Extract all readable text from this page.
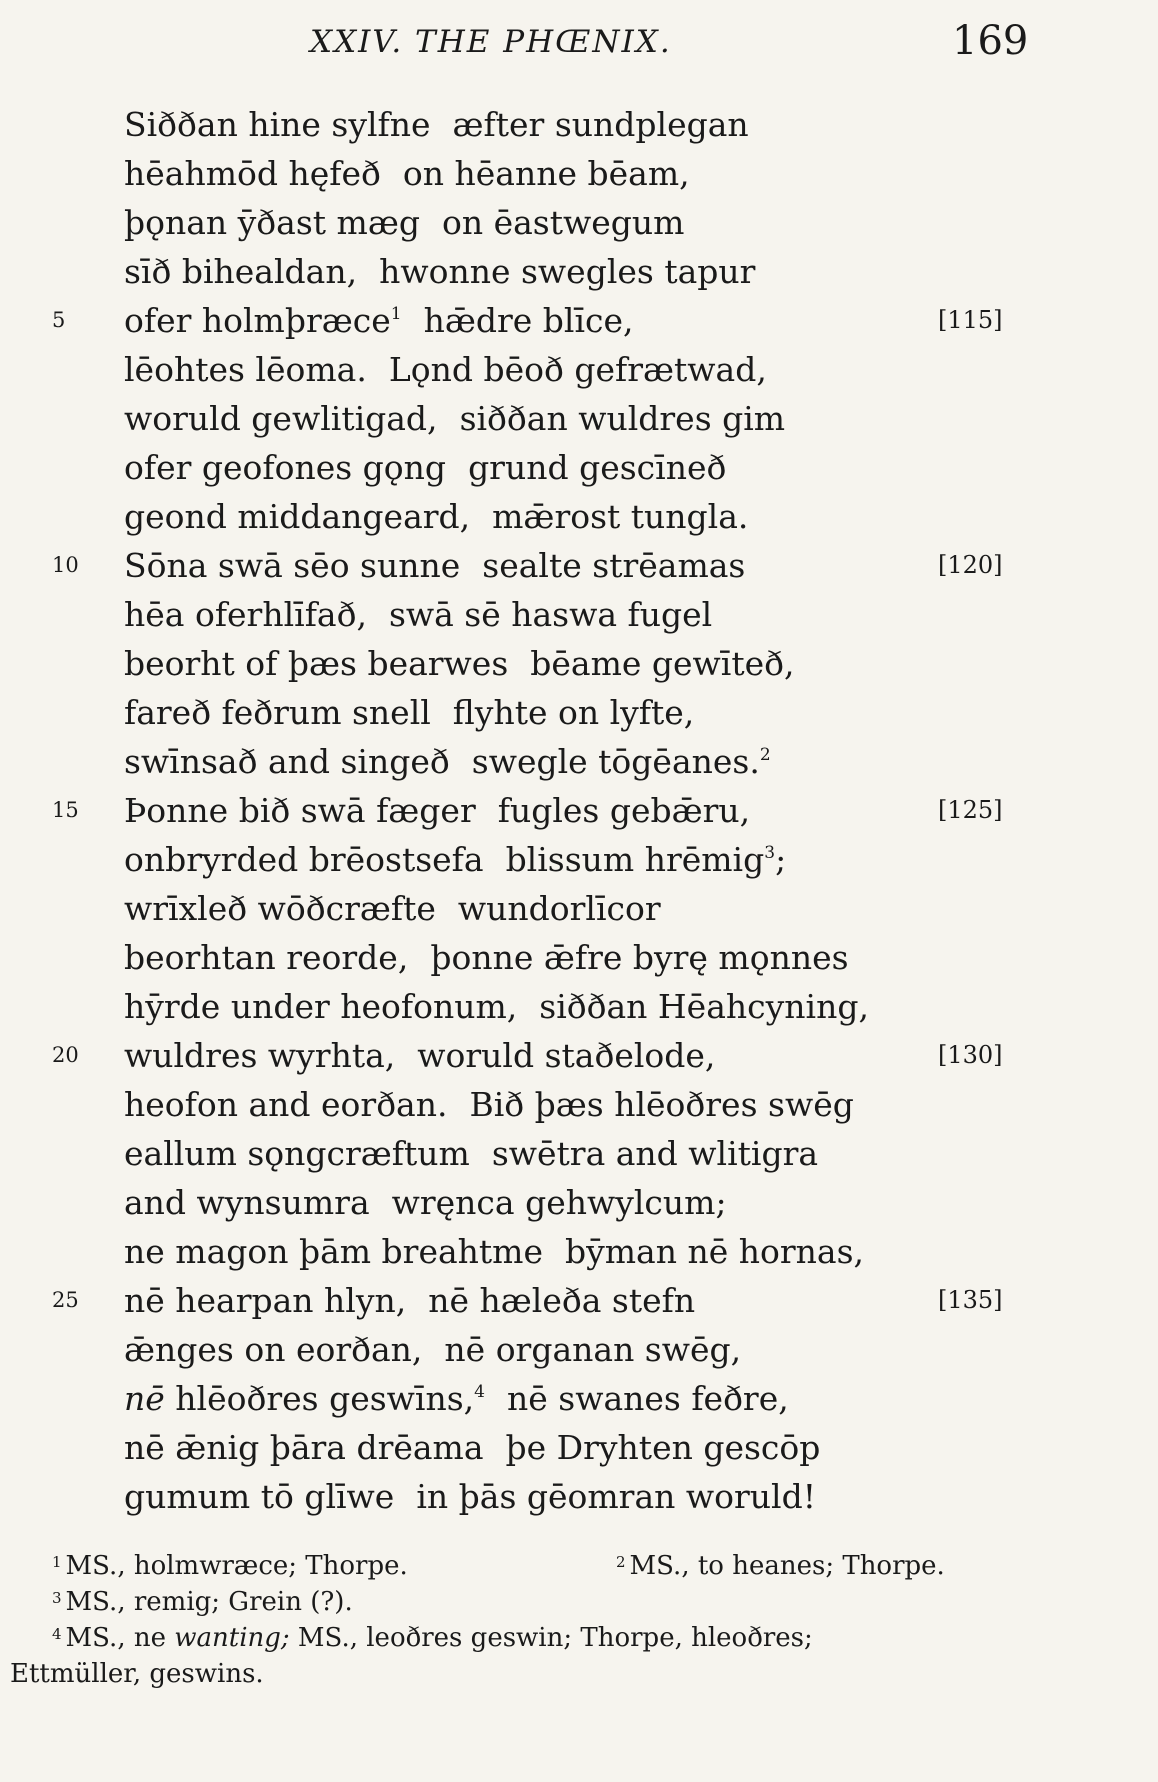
XXIV. THE PHŒNIX.	169
Siððan hine sylfne æfter sundplegan
hēahmōd hęfeð on hēanne bēam,
þǫnan ȳðast mæg on ēastwegum
sīð bihealdan, hwonne swegles tapur
5	ofer holmþræce$^1$ hǣdre blīce,	[115]
lēohtes lēoma. Lǫnd bēoð gefrætwad,
woruld gewlitigad, siððan wuldres gim
ofer geofones gǫng grund gescīneð
geond middangeard, mǣrost tungla.
10	Sōna swā sēo sunne sealte strēamas	[120]
hēa oferhlīfað, swā sē haswa fugel
beorht of þæs bearwes bēame gewīteð,
fareð feðrum snell flyhte on lyfte,
swīnsað and singeð swegle tōgēanes.$^2$
15	Þonne bið swā fæger fugles gebǣru,	[125]
onbryrded brēostsefa blissum hrēmig$^3$;
wrīxleð wōðcræfte wundorlīcor
beorhtan reorde, þonne ǣfre byrę mǫnnes
hȳrde under heofonum, siððan Hēahcyning,
20	wuldres wyrhta, woruld staðelode,	[130]
heofon and eorðan. Bið þæs hlēoðres swēg
eallum sǫngcræftum swētra and wlitigra
and wynsumra wręnca gehwylcum;
ne magon þām breahtme bȳman nē hornas,
25	nē hearpan hlyn, nē hæleða stefn	[135]
ǣnges on eorðan, nē organan swēg,
nē hlēoðres geswīns,$^4$ nē swanes feðre,
nē ǣnig þāra drēama þe Dryhten gescōp
gumum tō glīwe in þās gēomran woruld!
$^1$ MS., holmwræce; Thorpe.	$^2$ MS., to heanes; Thorpe.
$^3$ MS., remig; Grein (?).
$^4$ MS., ne wanting; MS., leoðres geswin; Thorpe, hleoðres;
Ettmüller, geswins.
